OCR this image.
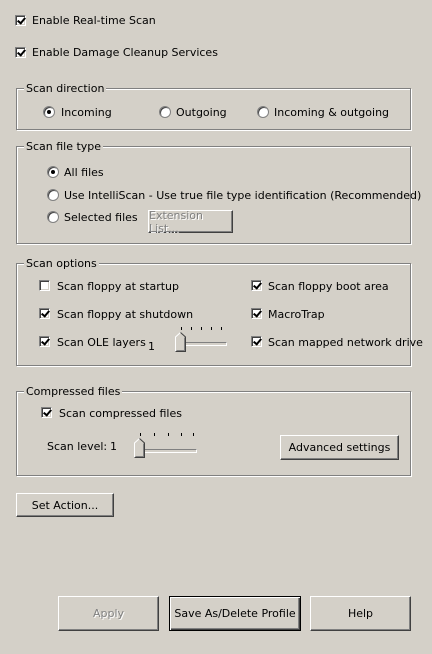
Enable Real-time Scan
Enable Damage Cleanup Services
Scan direction
Incoming	Outgoing	Incoming & outgoing
Scan file type
All files
Use IntelliScan - Use true file type identification (Recommended)
Selected files Extension List...
Scan options
Scan floppy at startup
Scan floppy at shutdown
Scan OLE layers 1
Scan floppy boot area
MacroTrap
Scan mapped network drive
Compressed files
Scan compressed files
Scan level: 1	Advanced settings
Set Action...
Apply	Save As/Delete Profile	Help
